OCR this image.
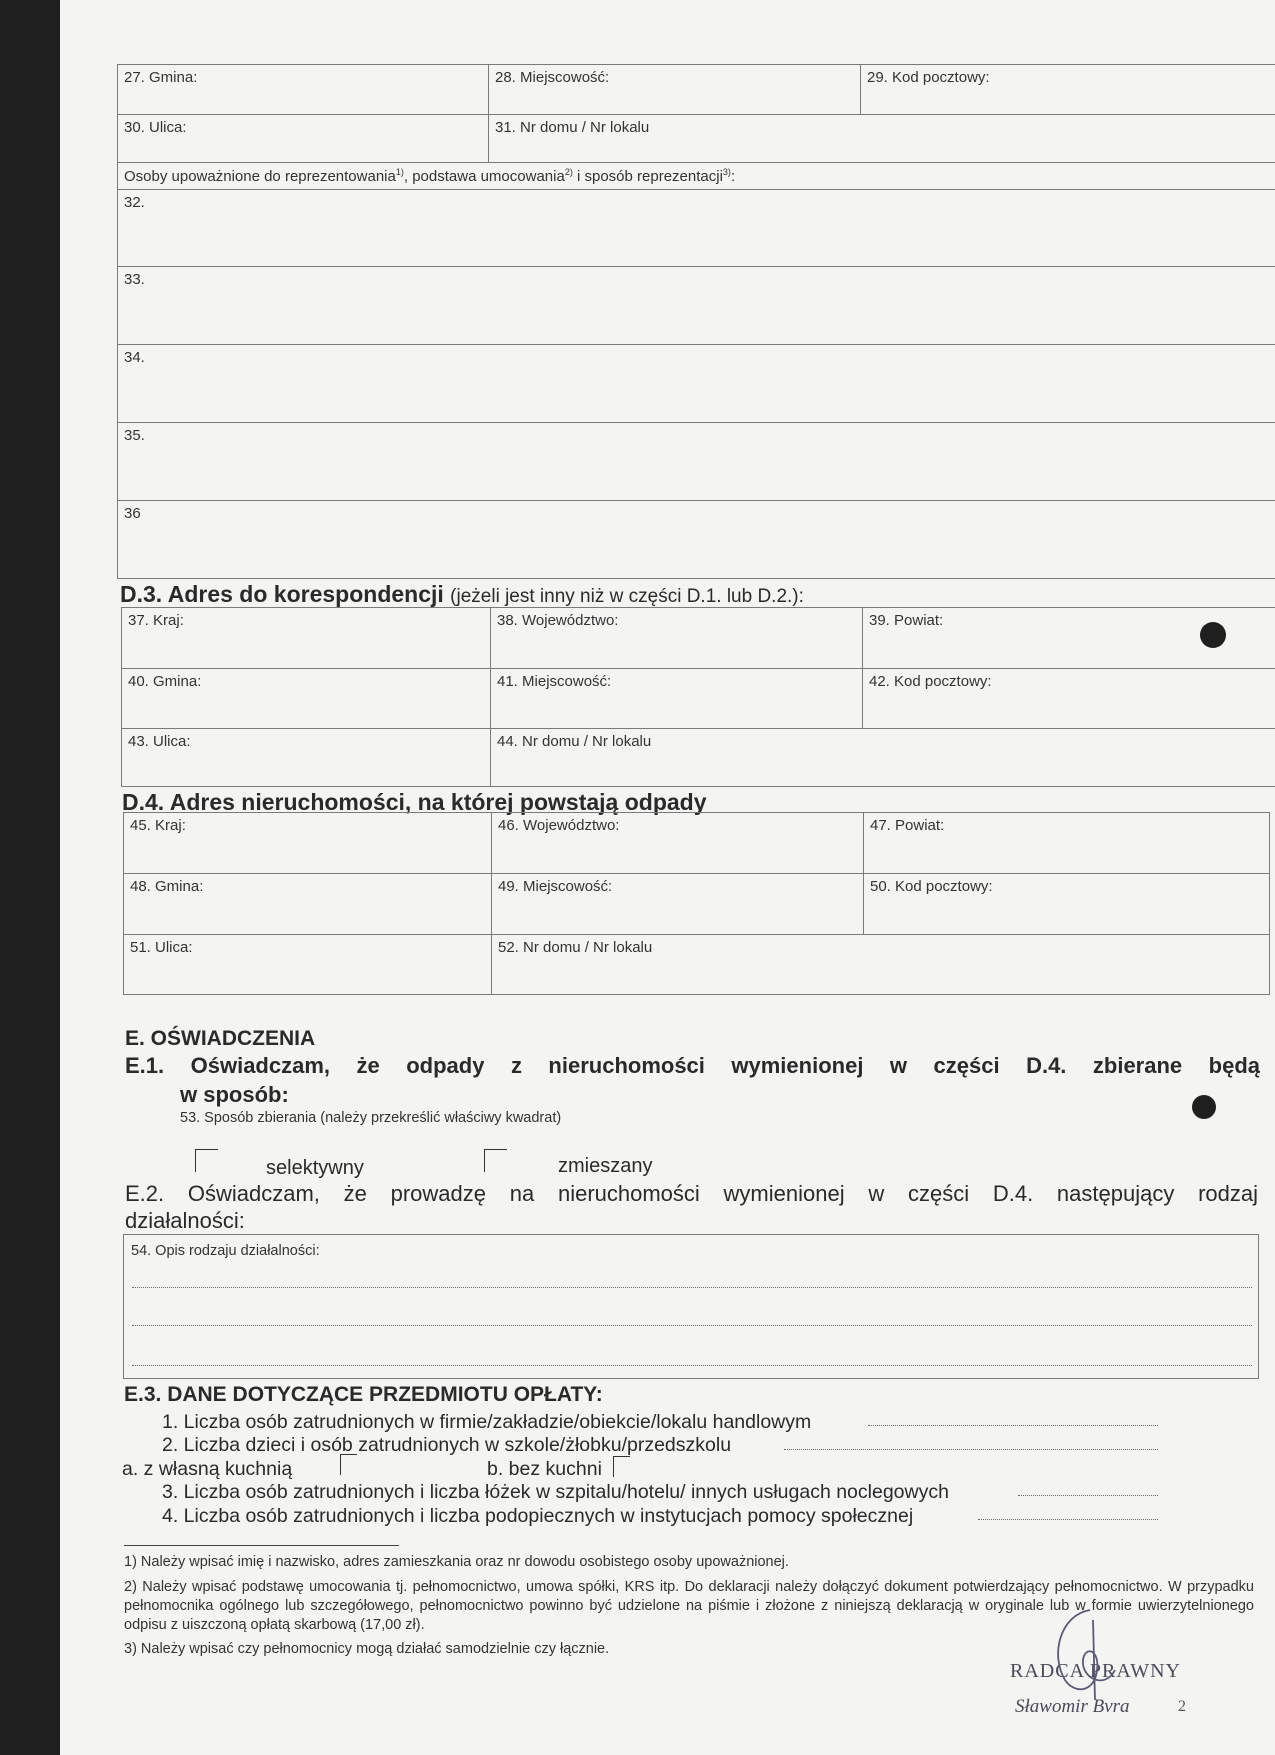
27. Gmina:	28. Miejscowość:	29. Kod pocztowy:
30. Ulica:	31. Nr domu / Nr lokalu	
Osoby upoważnione do reprezentowania$^{1)}$, podstawa umocowania$^{2)}$ i sposób reprezentacji$^{3)}$:
32.
33.
34.
35.
36
D.3. Adres do korespondencji (jeżeli jest inny niż w części D.1. lub D.2.):
37. Kraj:	38. Województwo:	39. Powiat:
40. Gmina:	41. Miejscowość:	42. Kod pocztowy:
43. Ulica:	44. Nr domu / Nr lokalu	
D.4. Adres nieruchomości, na której powstają odpady
45. Kraj:	46. Województwo:	47. Powiat:
48. Gmina:	49. Miejscowość:	50. Kod pocztowy:
51. Ulica:	52. Nr domu / Nr lokalu	
E. OŚWIADCZENIA
E.1. Oświadczam, że odpady z nieruchomości wymienionej w części D.4. zbierane będą
w sposób:
53. Sposób zbierania (należy przekreślić właściwy kwadrat)
selektywny	zmieszany
E.2. Oświadczam, że prowadzę na nieruchomości wymienionej w części D.4. następujący rodzaj
działalności:
54. Opis rodzaju działalności:
E.3. DANE DOTYCZĄCE PRZEDMIOTU OPŁATY:
1. Liczba osób zatrudnionych w firmie/zakładzie/obiekcie/lokalu handlowym
2. Liczba dzieci i osób zatrudnionych w szkole/żłobku/przedszkolu
a. z własną kuchnią	b. bez kuchni
3. Liczba osób zatrudnionych i liczba łóżek w szpitalu/hotelu/ innych usługach noclegowych
4. Liczba osób zatrudnionych i liczba podopiecznych w instytucjach pomocy społecznej
1) Należy wpisać imię i nazwisko, adres zamieszkania oraz nr dowodu osobistego osoby upoważnionej.
2) Należy wpisać podstawę umocowania tj. pełnomocnictwo, umowa spółki, KRS itp. Do deklaracji należy dołączyć dokument potwierdzający pełnomocnictwo. W przypadku pełnomocnika ogólnego lub szczegółowego, pełnomocnictwo powinno być udzielone na piśmie i złożone z niniejszą deklaracją w oryginale lub w formie uwierzytelnionego odpisu z uiszczoną opłatą skarbową (17,00 zł).
3) Należy wpisać czy pełnomocnicy mogą działać samodzielnie czy łącznie.
RADCA PRAWNY
Sławomir Bvra	2
